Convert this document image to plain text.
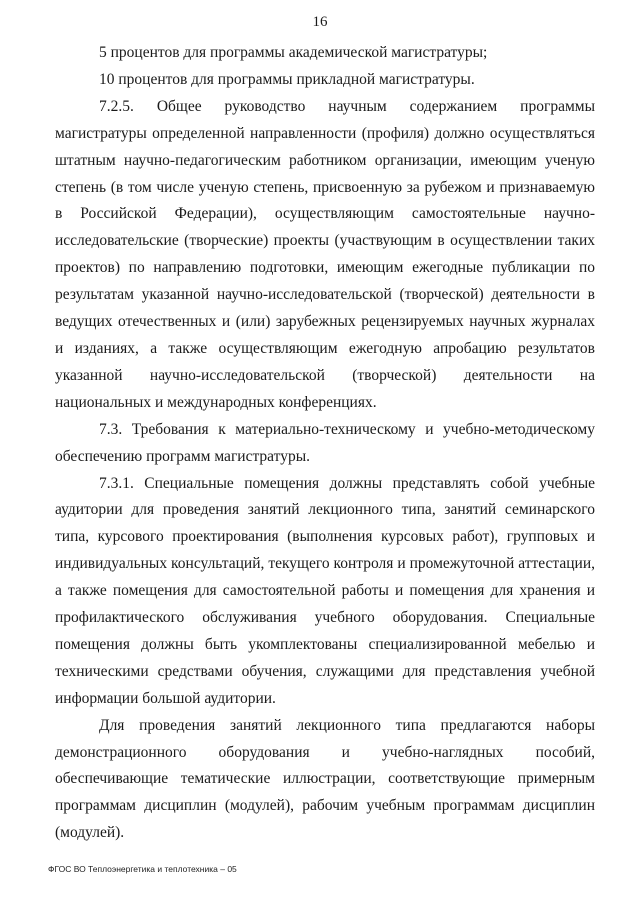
16

5 процентов для программы академической магистратуры;

10 процентов для программы прикладной магистратуры.

7.2.5. Общее руководство научным содержанием программы магистратуры определенной направленности (профиля) должно осуществляться штатным научно-педагогическим работником организации, имеющим ученую степень (в том числе ученую степень, присвоенную за рубежом и признаваемую в Российской Федерации), осуществляющим самостоятельные научно-исследовательские (творческие) проекты (участвующим в осуществлении таких проектов) по направлению подготовки, имеющим ежегодные публикации по результатам указанной научно-исследовательской (творческой) деятельности в ведущих отечественных и (или) зарубежных рецензируемых научных журналах и изданиях, а также осуществляющим ежегодную апробацию результатов указанной научно-исследовательской (творческой) деятельности на национальных и международных конференциях.

7.3. Требования к материально-техническому и учебно-методическому обеспечению программ магистратуры.

7.3.1. Специальные помещения должны представлять собой учебные аудитории для проведения занятий лекционного типа, занятий семинарского типа, курсового проектирования (выполнения курсовых работ), групповых и индивидуальных консультаций, текущего контроля и промежуточной аттестации, а также помещения для самостоятельной работы и помещения для хранения и профилактического обслуживания учебного оборудования. Специальные помещения должны быть укомплектованы специализированной мебелью и техническими средствами обучения, служащими для представления учебной информации большой аудитории.

Для проведения занятий лекционного типа предлагаются наборы демонстрационного оборудования и учебно-наглядных пособий, обеспечивающие тематические иллюстрации, соответствующие примерным программам дисциплин (модулей), рабочим учебным программам дисциплин (модулей).

ФГОС ВО Теплоэнергетика и теплотехника – 05
